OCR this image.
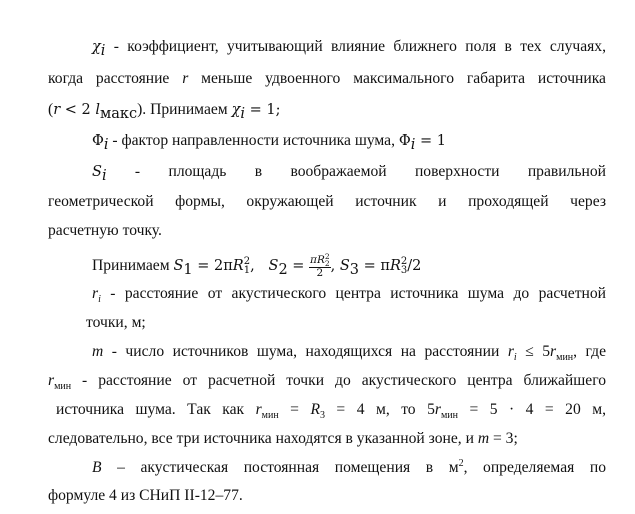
$\chi_i$ - коэффициент, учитывающий влияние ближнего поля в тех случаях,
когда расстояние r меньше удвоенного максимального габарита источника
(r < 2 $l_{макс}$). Принимаем $\chi_i = 1$;
$\Phi_i$ - фактор направленности источника шума, $\Phi_i = 1$
$S_i$ - площадь в воображаемой поверхности правильной
геометрической формы, окружающей источник и проходящей через
расчетную точку.
Принимаем $S_1 = 2\pi R$ 2
1 ,   $S_2 = \pi R$ 2
2
2 , $S_3 = \pi R$ 2
3 /2
$r_i$ - расстояние от акустического центра источника шума до расчетной
точки, м;
m - число источников шума, находящихся на расстоянии $r_i \le 5r_{мин}$, где
$r_{мин}$ - расстояние от расчетной точки до акустического центра ближайшего
источника шума. Так как $r_{мин} = R_3 = 4$ м, то $5r_{мин} = 5 \cdot 4 = 20$ м,
следовательно, все три источника находятся в указанной зоне, и m = 3;
B – акустическая постоянная помещения в $м^2$, определяемая по
формуле 4 из СНиП II-12–77.
